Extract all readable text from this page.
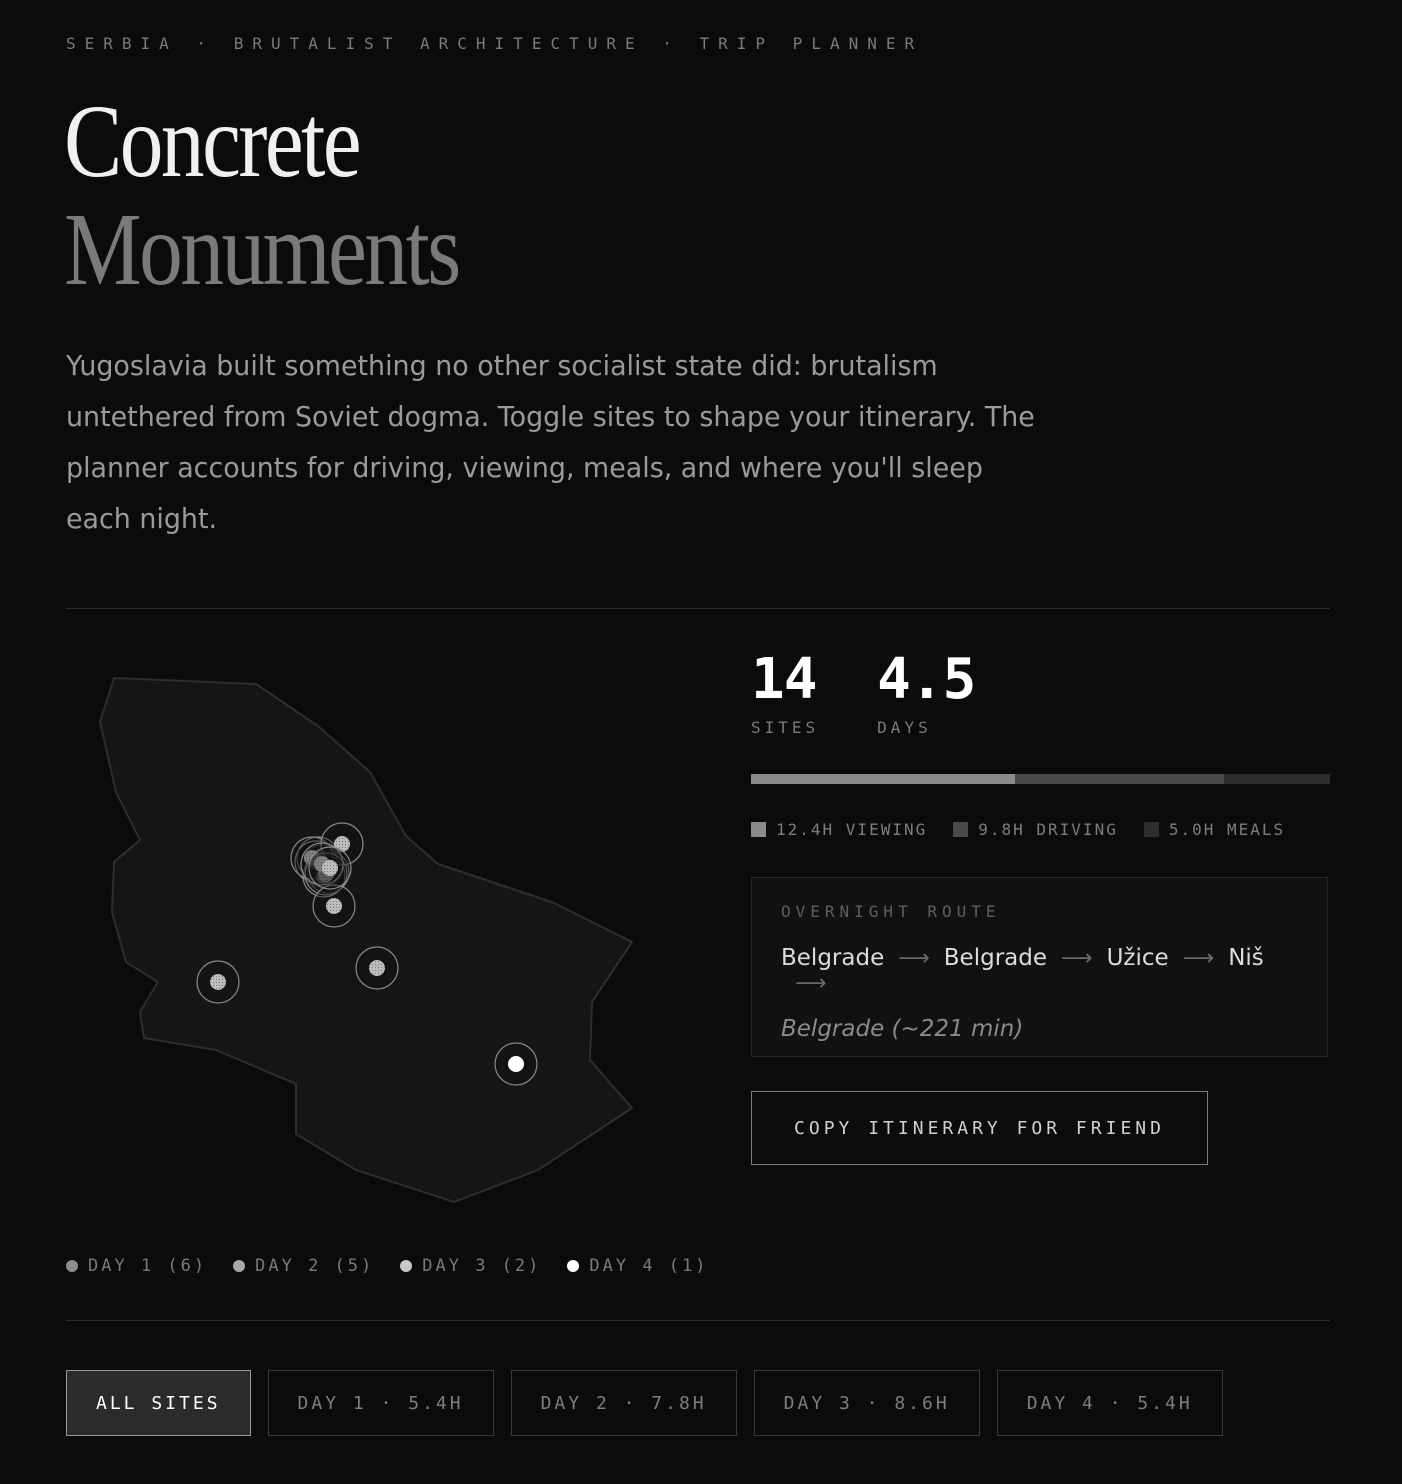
SERBIA · BRUTALIST ARCHITECTURE · TRIP PLANNER
Concrete
Monuments

Yugoslavia built something no other socialist state did: brutalism untethered from Soviet dogma. Toggle sites to shape your itinerary. The planner accounts for driving, viewing, meals, and where you'll sleep each night.

14
SITES
4.5
DAYS
12.4H VIEWING	9.8H DRIVING	5.0H MEALS
OVERNIGHT ROUTE
Belgrade ⟶ Belgrade ⟶ Užice ⟶ Niš
⟶
Belgrade (~221 min)
COPY ITINERARY FOR FRIEND
DAY 1 (6)	DAY 2 (5)	DAY 3 (2)	DAY 4 (1)
ALL SITES	DAY 1 · 5.4H	DAY 2 · 7.8H	DAY 3 · 8.6H	DAY 4 · 5.4H
